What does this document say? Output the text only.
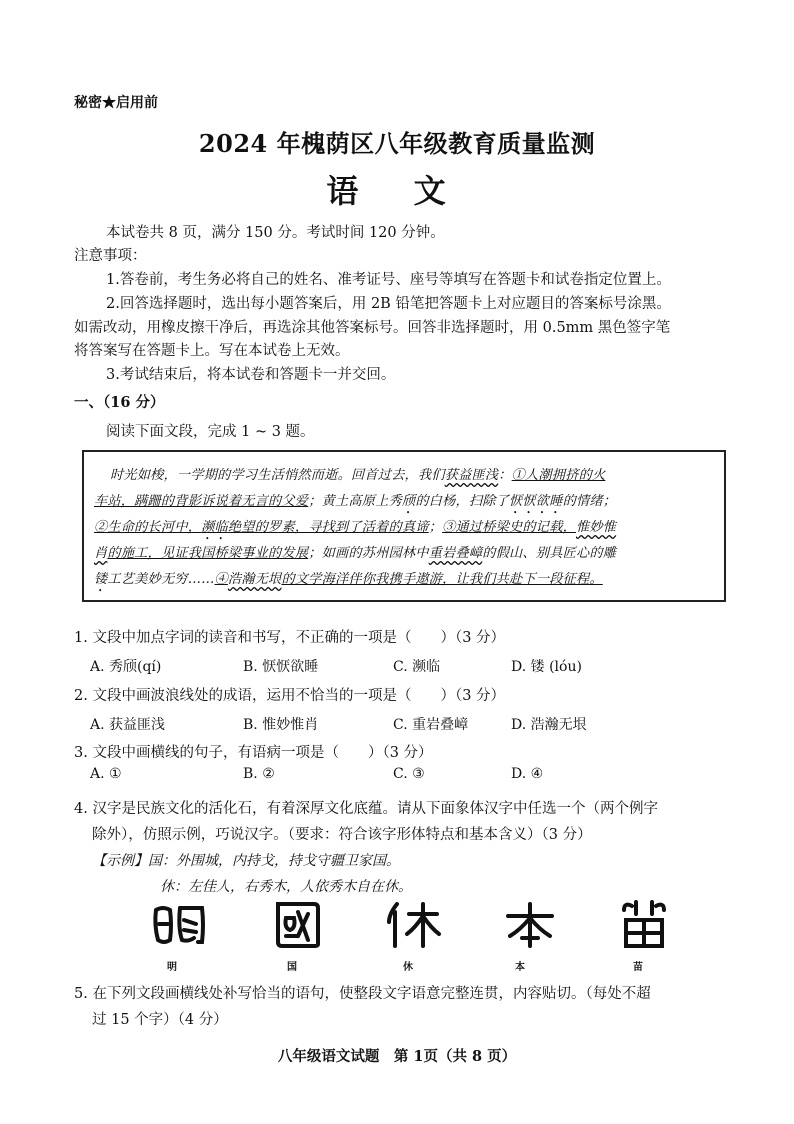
秘密★启用前
2024 年槐荫区八年级教育质量监测
语 文
本试卷共 8 页，满分 150 分。考试时间 120 分钟。
注意事项：
1.答卷前，考生务必将自己的姓名、准考证号、座号等填写在答题卡和试卷指定位置上。
2.回答选择题时，选出每小题答案后，用 2B 铅笔把答题卡上对应题目的答案标号涂黑。
如需改动，用橡皮擦干净后，再选涂其他答案标号。回答非选择题时，用 0.5mm 黑色签字笔
将答案写在答题卡上。写在本试卷上无效。
3.考试结束后，将本试卷和答题卡一并交回。
一、（16 分）
阅读下面文段，完成 1 ~ 3 题。
时光如梭，一学期的学习生活悄然而逝。回首过去，我们获益匪浅：①人潮拥挤的火
车站，蹒跚的背影诉说着无言的父爱；黄土高原上秀颀的白杨，扫除了恹恹欲睡的情绪；
②生命的长河中，濒临绝望的罗素，寻找到了活着的真谛；③通过桥梁史的记载，惟妙惟
肖的施工，见证我国桥梁事业的发展；如画的苏州园林中重岩叠嶂的假山、别具匠心的雕
镂工艺美妙无穷……④浩瀚无垠的文学海洋伴你我携手遨游，让我们共赴下一段征程。
1. 文段中加点字词的读音和书写，不正确的一项是（　　）（3 分）
A. 秀颀(qí)	B. 恹恹欲睡	C. 濒临	D. 镂 (lóu)
2. 文段中画波浪线处的成语，运用不恰当的一项是（　　）（3 分）
A. 获益匪浅	B. 惟妙惟肖	C. 重岩叠嶂	D. 浩瀚无垠
3. 文段中画横线的句子，有语病一项是（　　）（3 分）
A. ①	B. ②	C. ③	D. ④
4. 汉字是民族文化的活化石，有着深厚文化底蕴。请从下面象体汉字中任选一个（两个例字
除外），仿照示例，巧说汉字。（要求：符合该字形体特点和基本含义）（3 分）
【示例】国：外围城，内持戈，持戈守疆卫家国。
休：左佳人，右秀木，人依秀木自在休。
明	国	休	本	苗
5. 在下列文段画横线处补写恰当的语句，使整段文字语意完整连贯，内容贴切。（每处不超
过 15 个字）（4 分）
八年级语文试题　第 1页（共 8 页）
